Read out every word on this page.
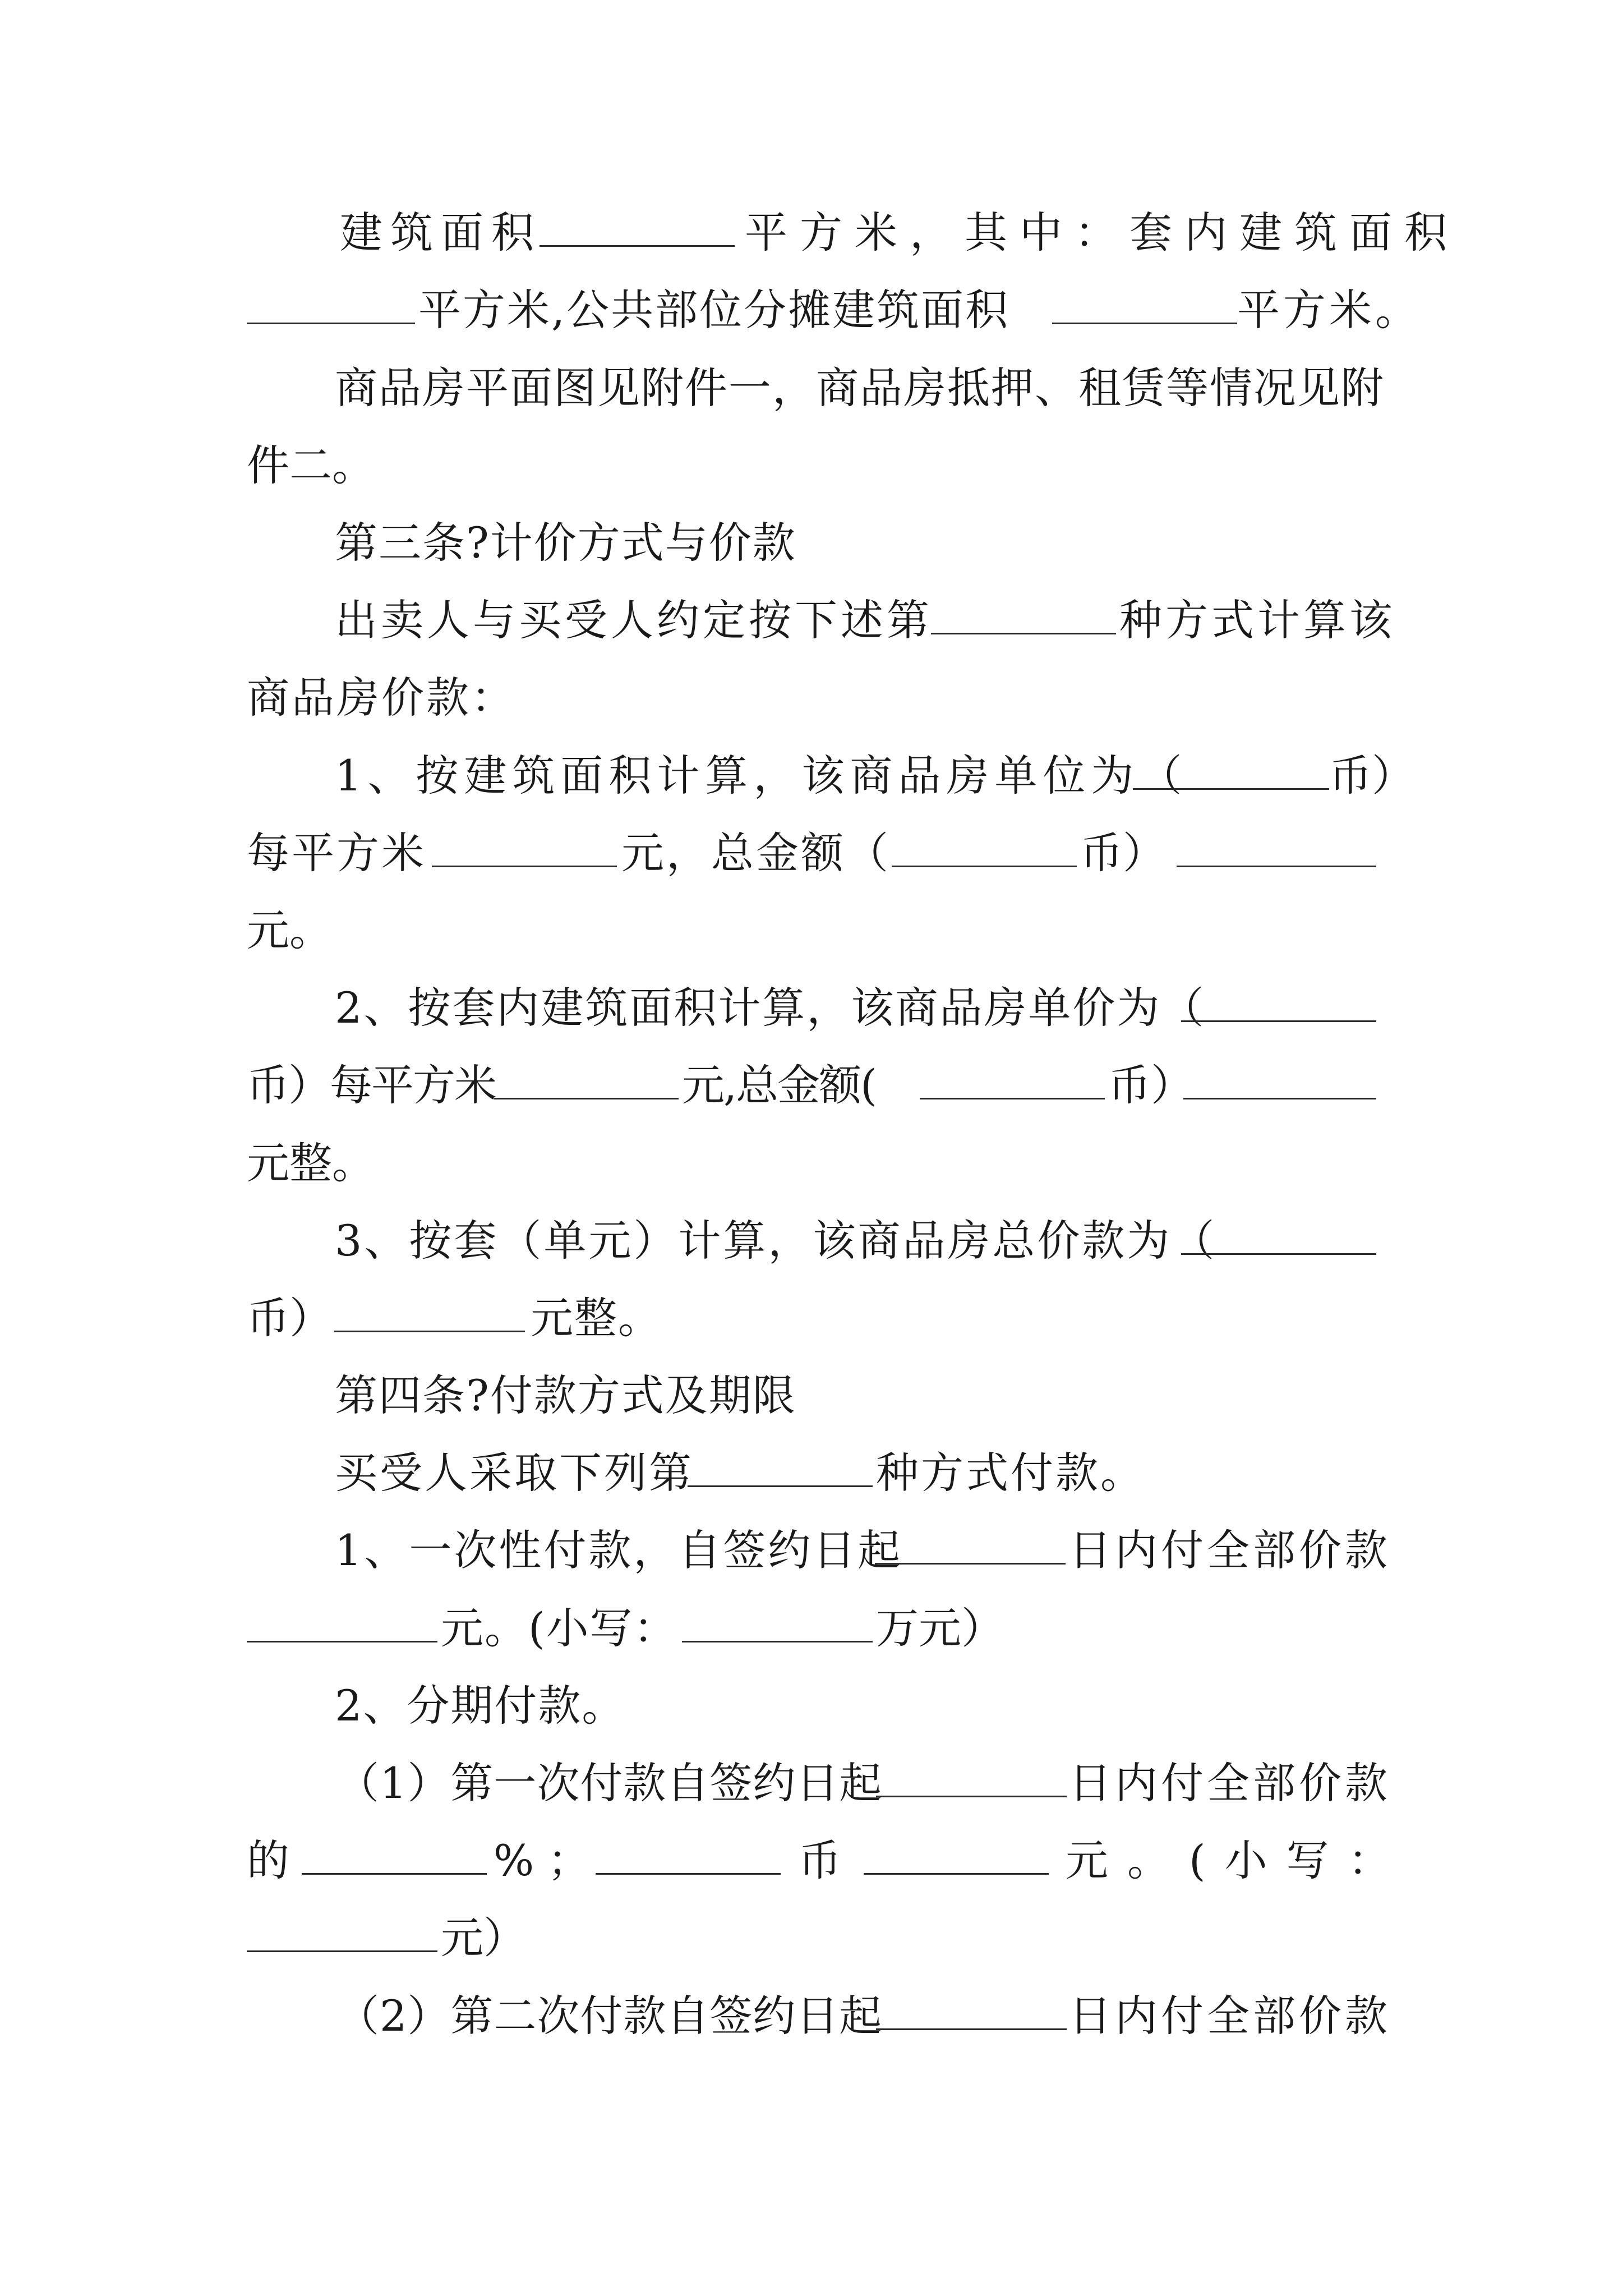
建筑面积	平方米，其中：套内建筑面积
平方米,公共部位分摊建筑面积	平方米。
商品房平面图见附件一，商品房抵押、租赁等情况见附
件二。
第三条?计价方式与价款
出卖人与买受人约定按下述第	种方式计算该
商品房价款：
1、按建筑面积计算，该商品房单位为（	币）
每平方米	元，总金额（	币）
元。
2、按套内建筑面积计算，该商品房单价为（
币）每平方米	元,总金额(	币）
元整。
3、按套（单元）计算，该商品房总价款为（
币）	元整。
第四条?付款方式及期限
买受人采取下列第	种方式付款。
1、一次性付款，自签约日起	日内付全部价款
元。(小写：	万元）
2、分期付款。
（1）第一次付款自签约日起	日内付全部价款
的	%；	币	元。(小写：
元）
（2）第二次付款自签约日起	日内付全部价款
